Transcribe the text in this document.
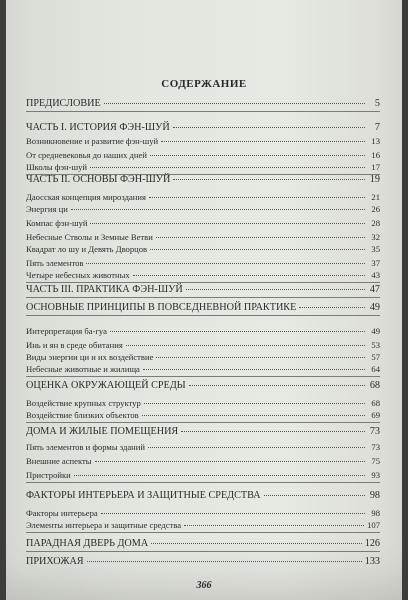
СОДЕРЖАНИЕ
ПРЕДИСЛОВИЕ	5
ЧАСТЬ I. ИСТОРИЯ ФЭН-ШУЙ	7
Возникновение и развитие фэн-шуй	13
От средневековья до наших дней	16
Школы фэн-шуй	17
ЧАСТЬ II. ОСНОВЫ ФЭН-ШУЙ	19
Даосская концепция мироздания	21
Энергия ци	26
Компас фэн-шуй	28
Небесные Стволы и Земные Ветви	32
Квадрат ло шу и Девять Дворцов	35
Пять элементов	37
Четыре небесных животных	43
ЧАСТЬ III. ПРАКТИКА ФЭН-ШУЙ	47
ОСНОВНЫЕ ПРИНЦИПЫ В ПОВСЕДНЕВНОЙ ПРАКТИКЕ	49
Интерпретация ба-гуа	49
Инь и ян в среде обитания	53
Виды энергии ци и их воздействие	57
Небесные животные и жилища	64
ОЦЕНКА ОКРУЖАЮЩЕЙ СРЕДЫ	68
Воздействие крупных структур	68
Воздействие близких объектов	69
ДОМА И ЖИЛЫЕ ПОМЕЩЕНИЯ	73
Пять элементов и формы зданий	73
Внешние аспекты	75
Пристройки	93
ФАКТОРЫ ИНТЕРЬЕРА И ЗАЩИТНЫЕ СРЕДСТВА	98
Факторы интерьера	98
Элементы интерьера и защитные средства	107
ПАРАДНАЯ ДВЕРЬ ДОМА	126
ПРИХОЖАЯ	133
366
